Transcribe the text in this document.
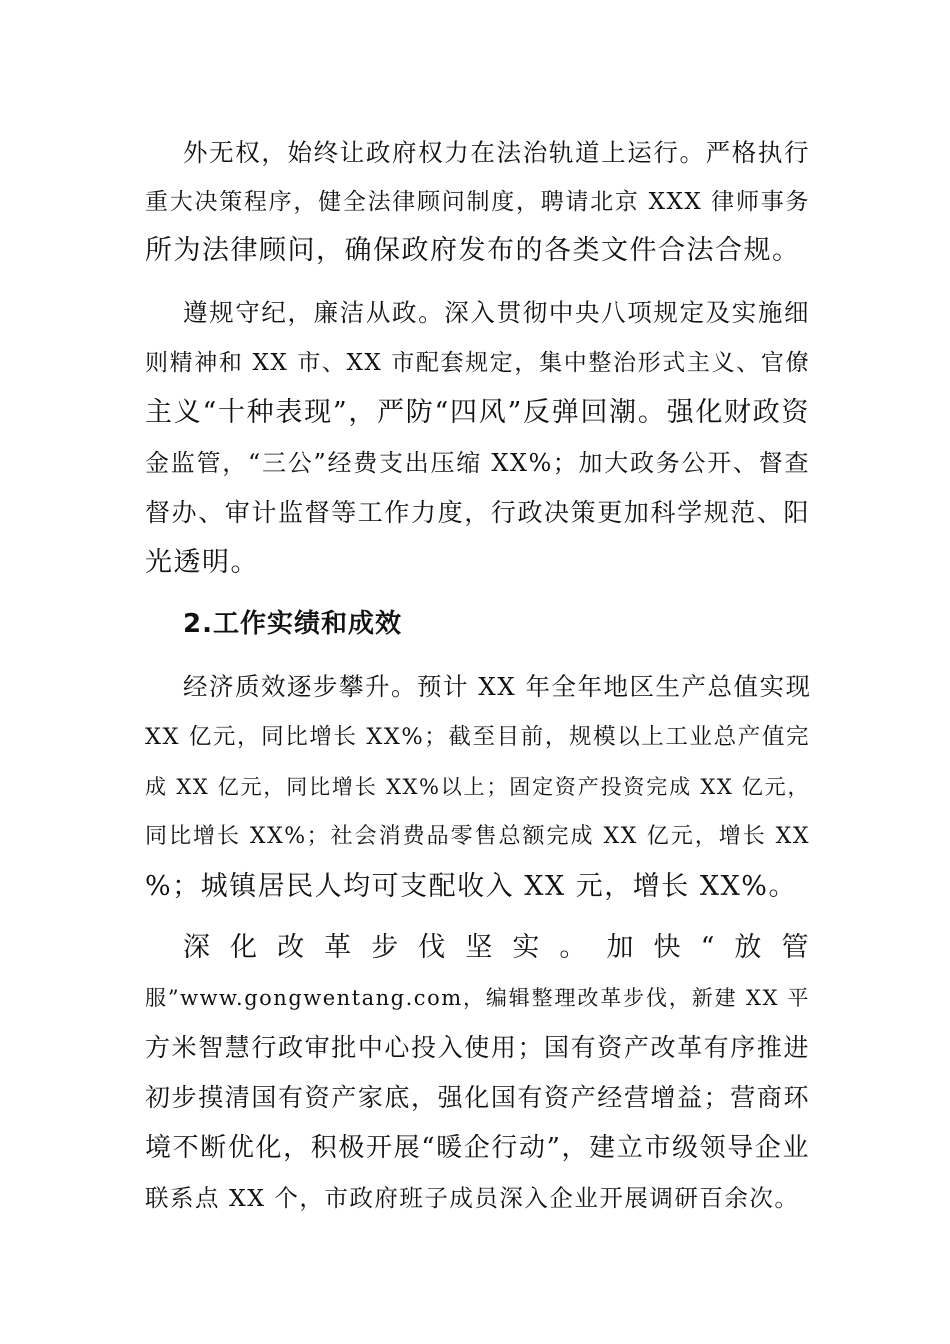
外无权，始终让政府权力在法治轨道上运行。严格执行
重大决策程序，健全法律顾问制度，聘请北京 XXX 律师事务
所为法律顾问，确保政府发布的各类文件合法合规。
遵规守纪，廉洁从政。深入贯彻中央八项规定及实施细
则精神和 XX 市、XX 市配套规定，集中整治形式主义、官僚
主义“十种表现”，严防“四风”反弹回潮。强化财政资
金监管，“三公”经费支出压缩 XX%；加大政务公开、督查
督办、审计监督等工作力度，行政决策更加科学规范、阳
光透明。
2.工作实绩和成效
经济质效逐步攀升。预计 XX 年全年地区生产总值实现
XX 亿元，同比增长 XX%；截至目前，规模以上工业总产值完
成 XX 亿元，同比增长 XX%以上；固定资产投资完成 XX 亿元，
同比增长 XX%；社会消费品零售总额完成 XX 亿元，增长 XX
%；城镇居民人均可支配收入 XX 元，增长 XX%。
深化改革步伐坚实。加快“放管
服”www.gongwentang.com，编辑整理改革步伐，新建 XX 平
方米智慧行政审批中心投入使用；国有资产改革有序推进
初步摸清国有资产家底，强化国有资产经营增益；营商环
境不断优化，积极开展“暖企行动”，建立市级领导企业
联系点 XX 个，市政府班子成员深入企业开展调研百余次。
